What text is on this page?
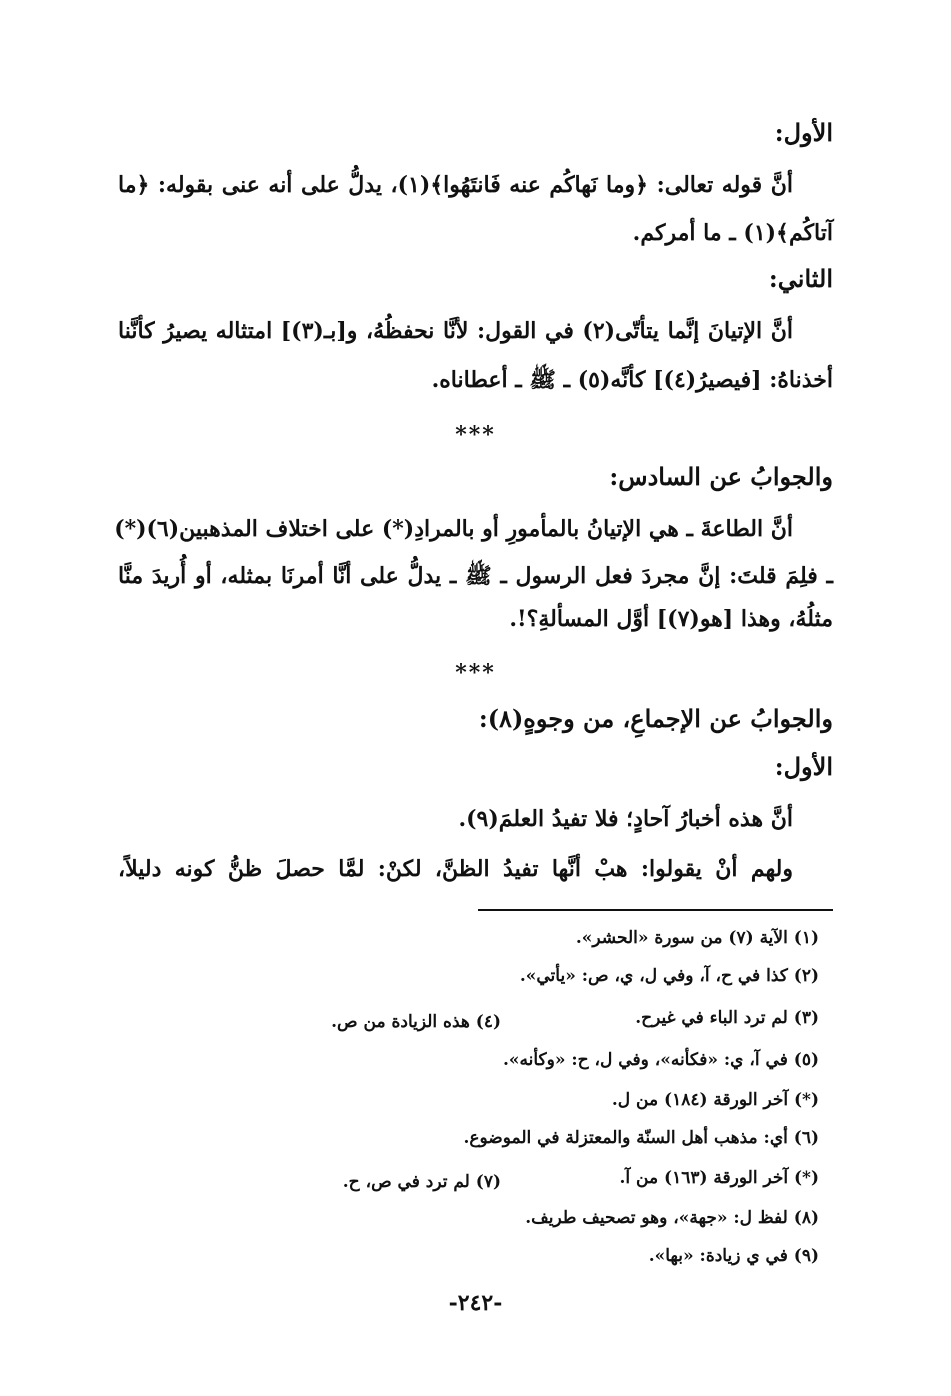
الأول:
أنَّ قوله تعالى: ﴿وما نَهاكُم عنه فَانتَهُوا﴾(١)، يدلُّ على أنه عنى بقوله: ﴿ما
آتاكُم﴾(١) ـ ما أمركم.
الثاني:
أنَّ الإتيانَ إنَّما يتأتّى(٢) في القول: لأنَّا نحفظُهُ، و[بـ(٣)] امتثاله يصيرُ كأنَّنا
أخذناهُ: [فيصيرُ(٤)] كأنَّه(٥) ـ ﷺ ـ أعطاناه.
***
والجوابُ عن السادس:
أنَّ الطاعةَ ـ هي الإتيانُ بالمأمورِ أو بالمرادِ(*) على اختلاف المذهبين(٦)(*)
ـ فلِمَ قلتَ: إنَّ مجردَ فعل الرسول ـ ﷺ ـ يدلُّ على أنَّا أمرنَا بمثله، أو أُريدَ منَّا
مثلُهُ، وهذا [هو(٧)] أوَّل المسألةِ؟!.
***
والجوابُ عن الإجماعِ، من وجوهٍ(٨):
الأول:
أنَّ هذه أخبارُ آحادٍ؛ فلا تفيدُ العلمَ(٩).
ولهم أنْ يقولوا: هبْ أنَّها تفيدُ الظنَّ، لكنْ: لمَّا حصلَ ظنُّ كونه دليلاً،
(١) الآية (٧) من سورة «الحشر».
(٢) كذا في ح، آ، وفي ل، ي، ص: «يأتي».
(٣) لم ترد الباء في غيرح.
(٤) هذه الزيادة من ص.
(٥) في آ، ي: «فكأنه»، وفي ل، ح: «وكأنه».
(*) آخر الورقة (١٨٤) من ل.
(٦) أي: مذهب أهل السنّة والمعتزلة في الموضوع.
(*) آخر الورقة (١٦٣) من آ.
(٧) لم ترد في ص، ح.
(٨) لفظ ل: «جهة»، وهو تصحيف طريف.
(٩) في ي زيادة: «بها».
-٢٤٢-
